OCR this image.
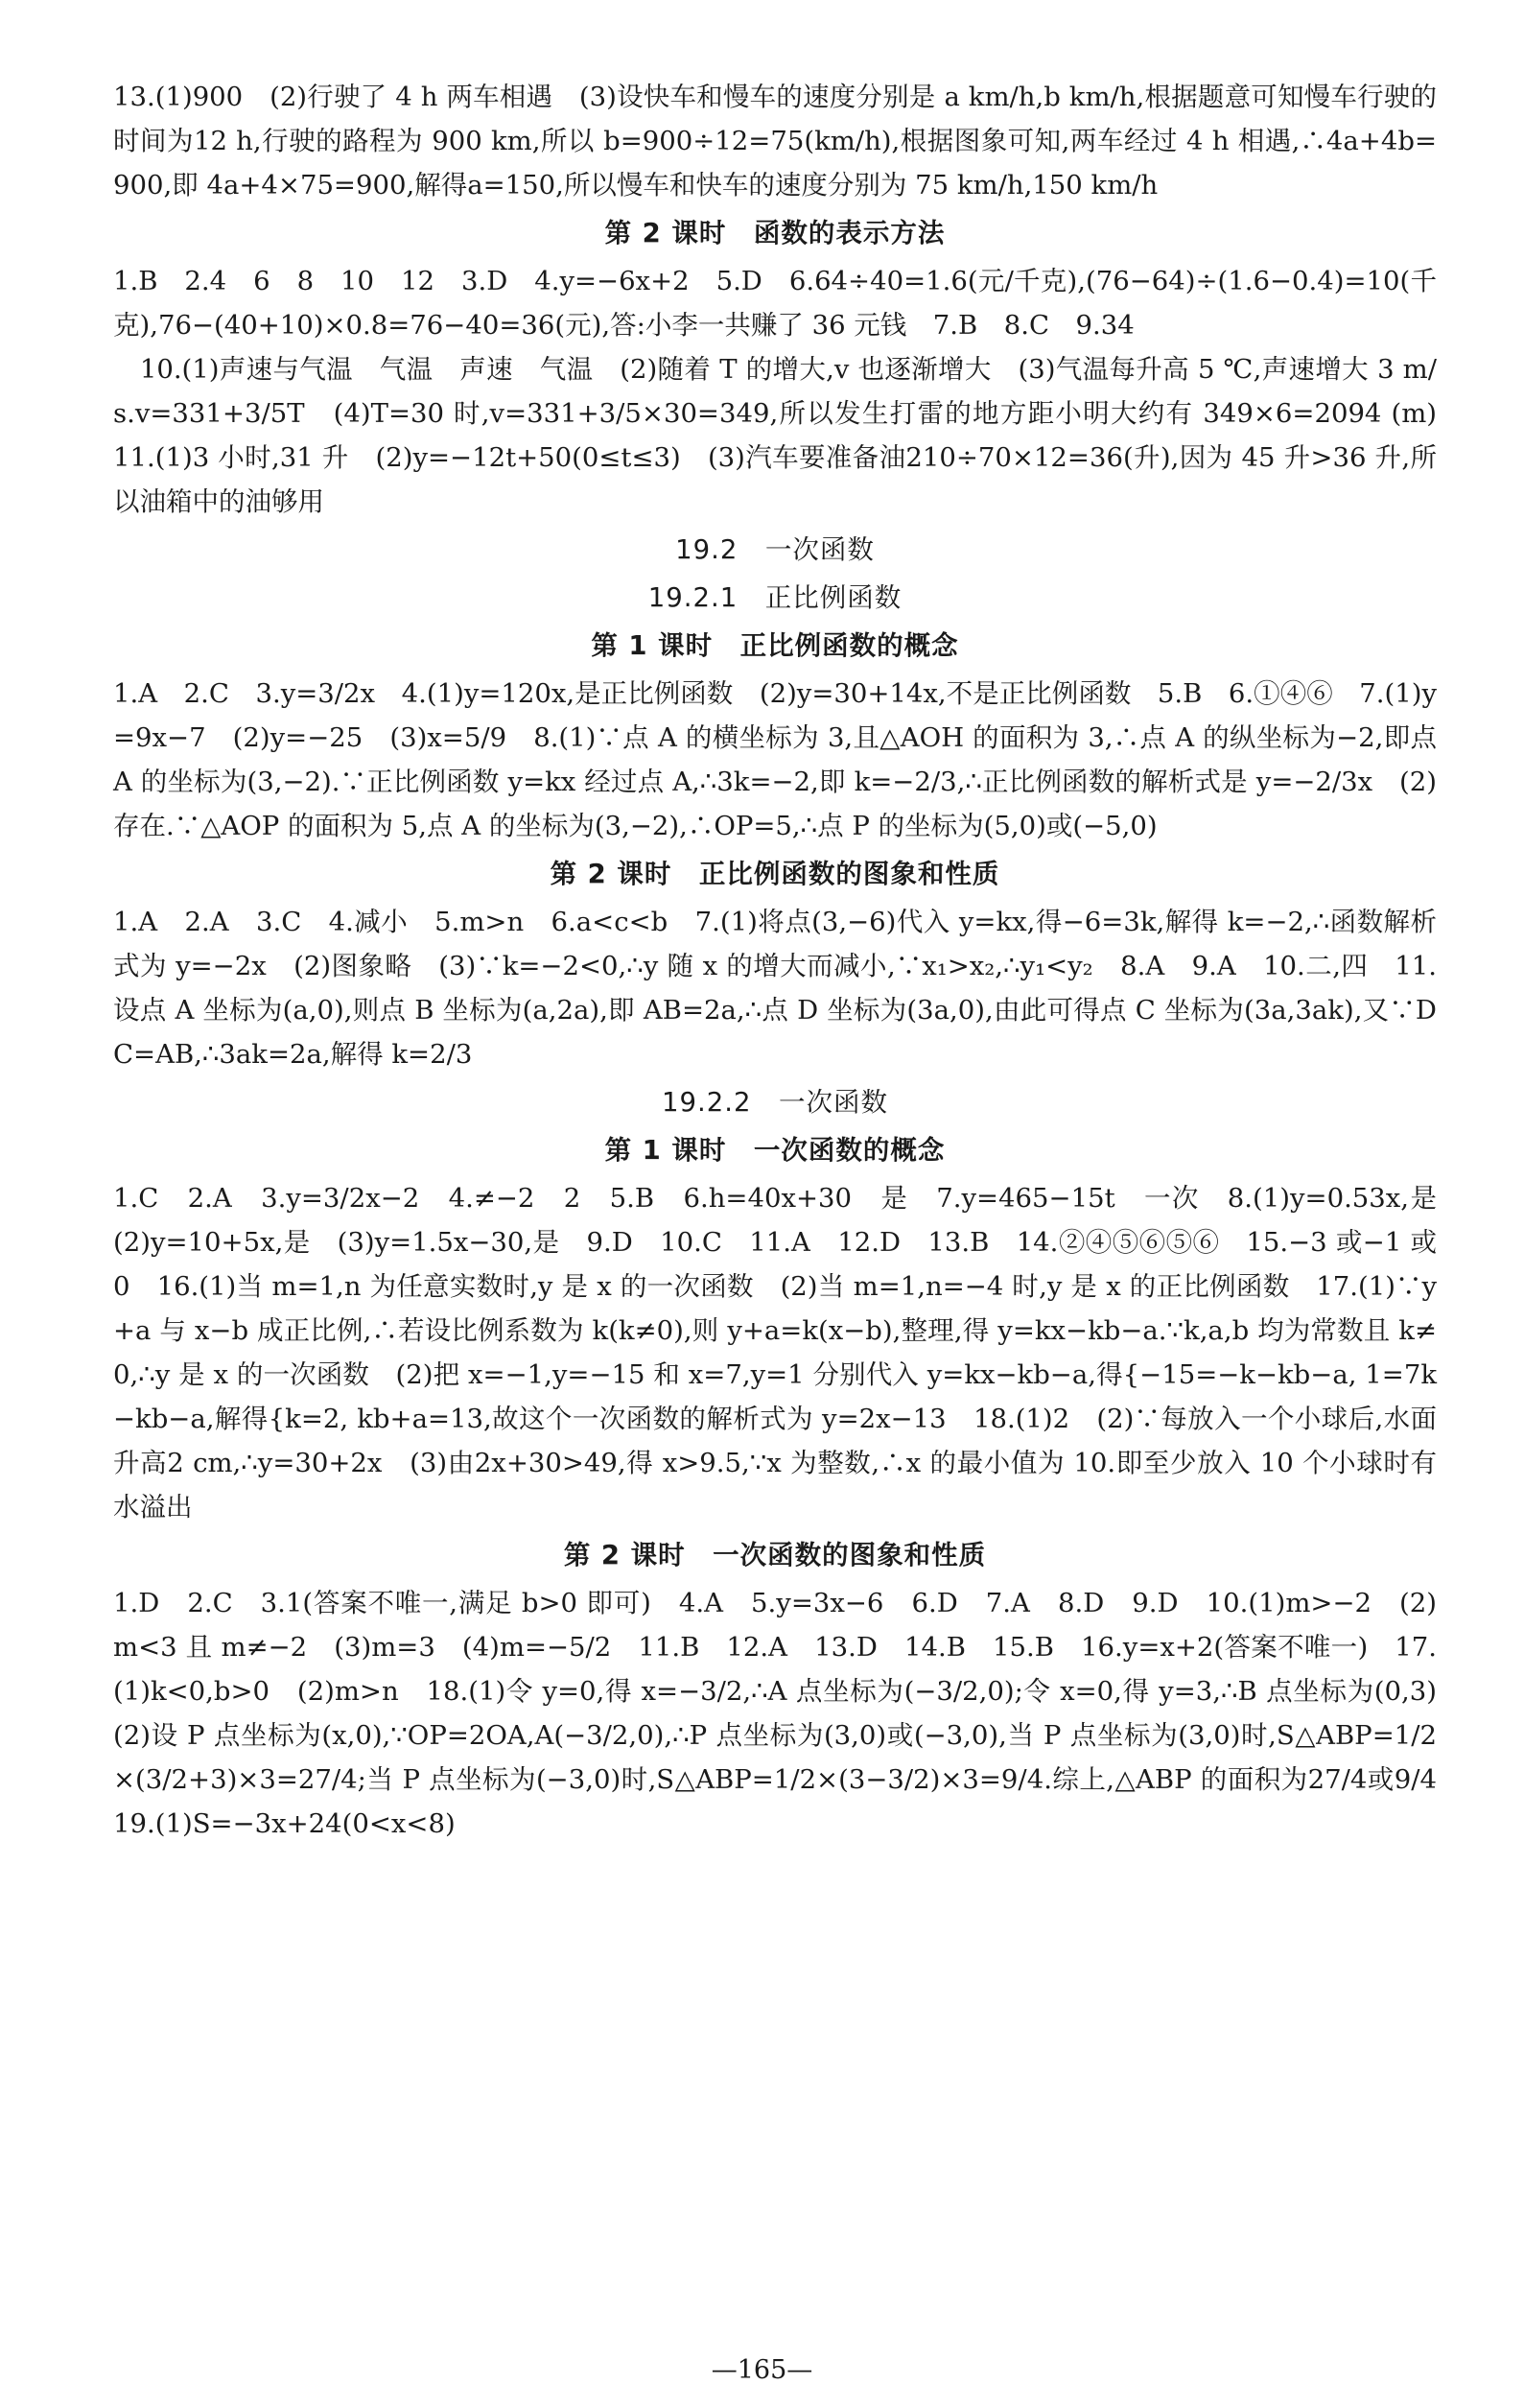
13.(1)900　(2)行驶了 4 h 两车相遇　(3)设快车和慢车的速度分别是 a km/h,b km/h,根据题意可知慢车行驶的时间为12 h,行驶的路程为 900 km,所以 b=900÷12=75(km/h),根据图象可知,两车经过 4 h 相遇,∴4a+4b=900,即 4a+4×75=900,解得a=150,所以慢车和快车的速度分别为 75 km/h,150 km/h

第 2 课时　函数的表示方法

1.B　2.4　6　8　10　12　3.D　4.y=−6x+2　5.D　6.64÷40=1.6(元/千克),(76−64)÷(1.6−0.4)=10(千克),76−(40+10)×0.8=76−40=36(元),答:小李一共赚了 36 元钱　7.B　8.C　9.34

　10.(1)声速与气温　气温　声速　气温　(2)随着 T 的增大,v 也逐渐增大　(3)气温每升高 5 ℃,声速增大 3 m/s.v=331+3/5T　(4)T=30 时,v=331+3/5×30=349,所以发生打雷的地方距小明大约有 349×6=2094 (m)　11.(1)3 小时,31 升　(2)y=−12t+50(0≤t≤3)　(3)汽车要准备油210÷70×12=36(升),因为 45 升>36 升,所以油箱中的油够用

19.2　一次函数
19.2.1　正比例函数
第 1 课时　正比例函数的概念

1.A　2.C　3.y=3/2x　4.(1)y=120x,是正比例函数　(2)y=30+14x,不是正比例函数　5.B　6.①④⑥　7.(1)y=9x−7　(2)y=−25　(3)x=5/9　8.(1)∵点 A 的横坐标为 3,且△AOH 的面积为 3,∴点 A 的纵坐标为−2,即点 A 的坐标为(3,−2).∵正比例函数 y=kx 经过点 A,∴3k=−2,即 k=−2/3,∴正比例函数的解析式是 y=−2/3x　(2)存在.∵△AOP 的面积为 5,点 A 的坐标为(3,−2),∴OP=5,∴点 P 的坐标为(5,0)或(−5,0)

第 2 课时　正比例函数的图象和性质

1.A　2.A　3.C　4.减小　5.m>n　6.a<c<b　7.(1)将点(3,−6)代入 y=kx,得−6=3k,解得 k=−2,∴函数解析式为 y=−2x　(2)图象略　(3)∵k=−2<0,∴y 随 x 的增大而减小,∵x₁>x₂,∴y₁<y₂　8.A　9.A　10.二,四　11.设点 A 坐标为(a,0),则点 B 坐标为(a,2a),即 AB=2a,∴点 D 坐标为(3a,0),由此可得点 C 坐标为(3a,3ak),又∵DC=AB,∴3ak=2a,解得 k=2/3

19.2.2　一次函数
第 1 课时　一次函数的概念

1.C　2.A　3.y=3/2x−2　4.≠−2　2　5.B　6.h=40x+30　是　7.y=465−15t　一次　8.(1)y=0.53x,是　(2)y=10+5x,是　(3)y=1.5x−30,是　9.D　10.C　11.A　12.D　13.B　14.②④⑤⑥⑤⑥　15.−3 或−1 或 0　16.(1)当 m=1,n 为任意实数时,y 是 x 的一次函数　(2)当 m=1,n=−4 时,y 是 x 的正比例函数　17.(1)∵y+a 与 x−b 成正比例,∴若设比例系数为 k(k≠0),则 y+a=k(x−b),整理,得 y=kx−kb−a.∵k,a,b 均为常数且 k≠0,∴y 是 x 的一次函数　(2)把 x=−1,y=−15 和 x=7,y=1 分别代入 y=kx−kb−a,得{−15=−k−kb−a, 1=7k−kb−a,解得{k=2, kb+a=13,故这个一次函数的解析式为 y=2x−13　18.(1)2　(2)∵每放入一个小球后,水面升高2 cm,∴y=30+2x　(3)由2x+30>49,得 x>9.5,∵x 为整数,∴x 的最小值为 10.即至少放入 10 个小球时有水溢出

第 2 课时　一次函数的图象和性质

1.D　2.C　3.1(答案不唯一,满足 b>0 即可)　4.A　5.y=3x−6　6.D　7.A　8.D　9.D　10.(1)m>−2　(2)m<3 且 m≠−2　(3)m=3　(4)m=−5/2　11.B　12.A　13.D　14.B　15.B　16.y=x+2(答案不唯一)　17.(1)k<0,b>0　(2)m>n　18.(1)令 y=0,得 x=−3/2,∴A 点坐标为(−3/2,0);令 x=0,得 y=3,∴B 点坐标为(0,3)　(2)设 P 点坐标为(x,0),∵OP=2OA,A(−3/2,0),∴P 点坐标为(3,0)或(−3,0),当 P 点坐标为(3,0)时,S△ABP=1/2×(3/2+3)×3=27/4;当 P 点坐标为(−3,0)时,S△ABP=1/2×(3−3/2)×3=9/4.综上,△ABP 的面积为27/4或9/4　19.(1)S=−3x+24(0<x<8)

—165—
